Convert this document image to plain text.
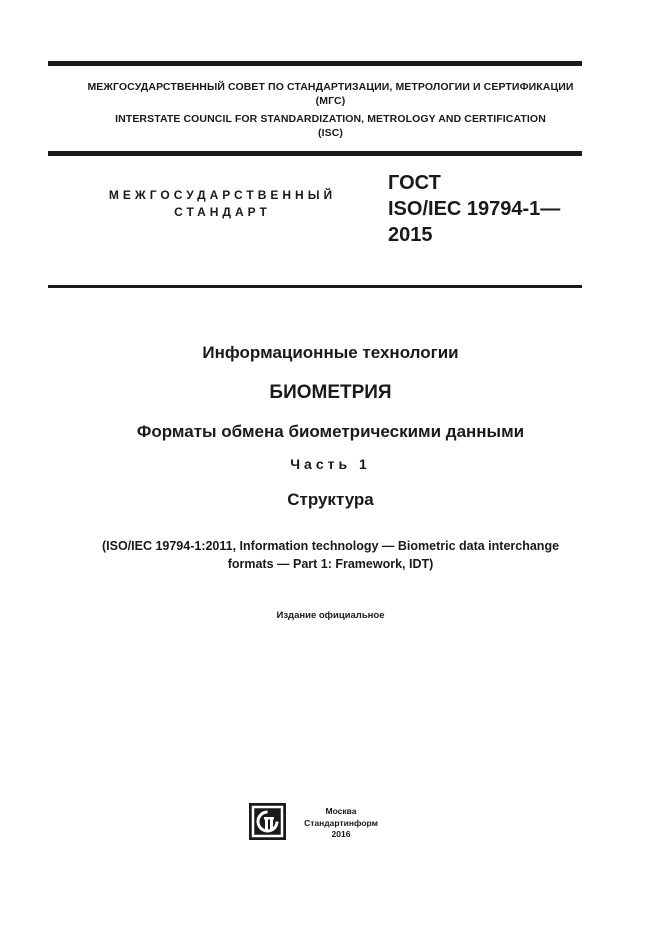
МЕЖГОСУДАРСТВЕННЫЙ СОВЕТ ПО СТАНДАРТИЗАЦИИ, МЕТРОЛОГИИ И СЕРТИФИКАЦИИ
(МГС)
INTERSTATE COUNCIL FOR STANDARDIZATION, METROLOGY AND CERTIFICATION
(ISC)
МЕЖГОСУДАРСТВЕННЫЙ
СТАНДАРТ
ГОСТ
ISO/IEC 19794-1—
2015
Информационные технологии
БИОМЕТРИЯ
Форматы обмена биометрическими данными
Часть 1
Структура
(ISO/IEC 19794-1:2011, Information technology — Biometric data interchange
formats — Part 1: Framework, IDT)
Издание официальное
Москва
Стандартинформ
2016
